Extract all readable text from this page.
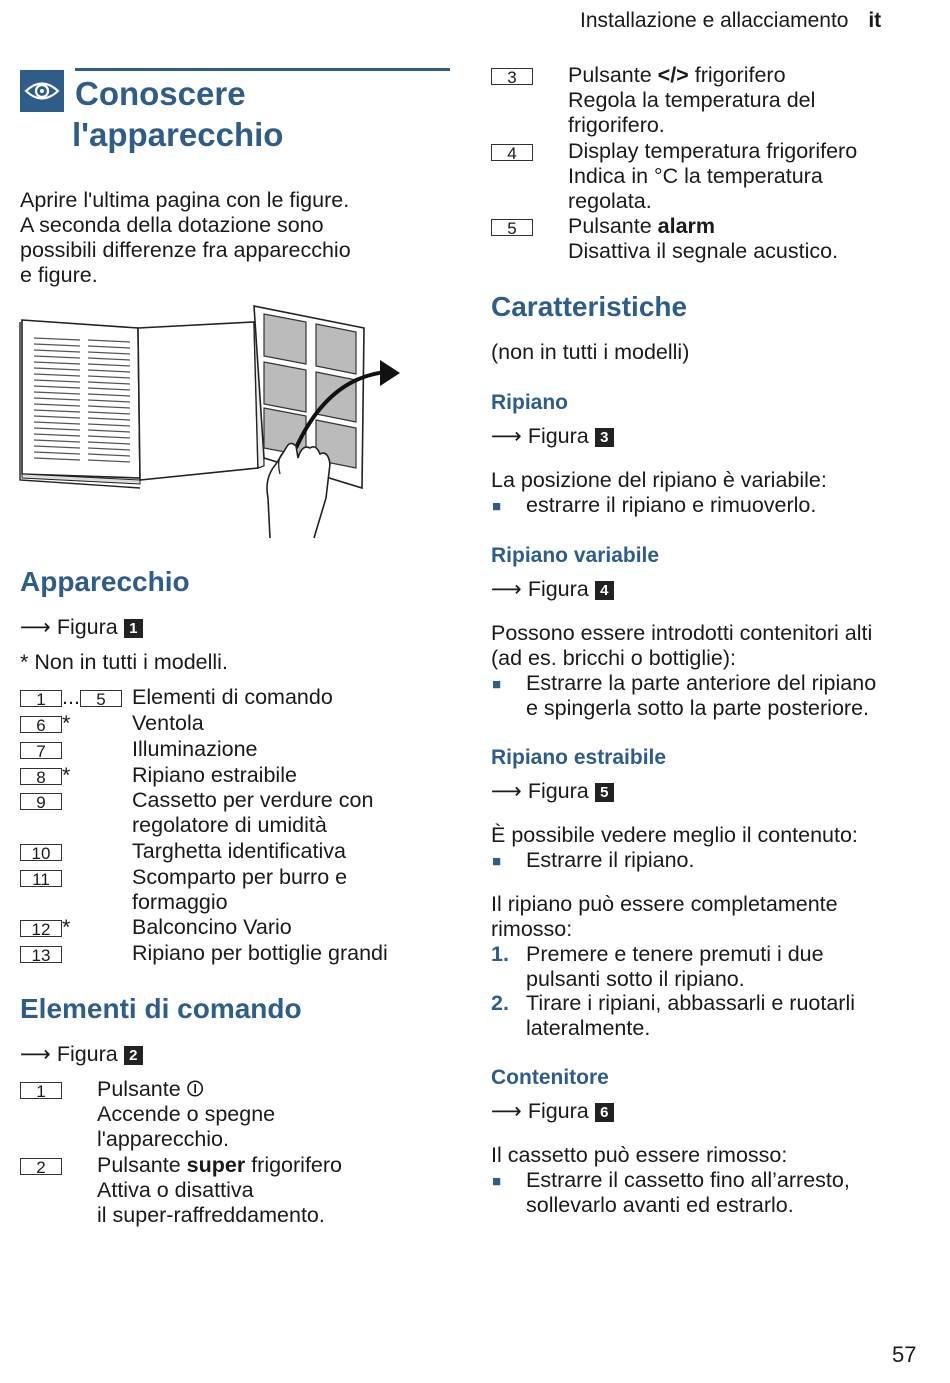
Installazione e allacciamento it
Conoscere
l'apparecchio
Aprire l'ultima pagina con le figure.
A seconda della dotazione sono
possibili differenze fra apparecchio
e figure.
Apparecchio
⟶ Figura 1
* Non in tutti i modelli.
1 ... 5	Elementi di comando
6 *	Ventola
7	Illuminazione
8 *	Ripiano estraibile
9	Cassetto per verdure con
regolatore di umidità
10	Targhetta identificativa
11	Scomparto per burro e
formaggio
12 *	Balconcino Vario
13	Ripiano per bottiglie grandi
Elementi di comando
⟶ Figura 2
1	Pulsante ⏼
Accende o spegne
l'apparecchio.
2	Pulsante super frigorifero
Attiva o disattiva
il super-raffreddamento.
3	Pulsante </> frigorifero
Regola la temperatura del
frigorifero.
4	Display temperatura frigorifero
Indica in °C la temperatura
regolata.
5	Pulsante alarm
Disattiva il segnale acustico.
Caratteristiche
(non in tutti i modelli)
Ripiano
⟶ Figura 3
La posizione del ripiano è variabile:
■ estrarre il ripiano e rimuoverlo.
Ripiano variabile
⟶ Figura 4
Possono essere introdotti contenitori alti
(ad es. bricchi o bottiglie):
■ Estrarre la parte anteriore del ripiano
e spingerla sotto la parte posteriore.
Ripiano estraibile
⟶ Figura 5
È possibile vedere meglio il contenuto:
■ Estrarre il ripiano.
Il ripiano può essere completamente
rimosso:
1. Premere e tenere premuti i due
pulsanti sotto il ripiano.
2. Tirare i ripiani, abbassarli e ruotarli
lateralmente.
Contenitore
⟶ Figura 6
Il cassetto può essere rimosso:
■ Estrarre il cassetto fino all’arresto,
sollevarlo avanti ed estrarlo.
57
